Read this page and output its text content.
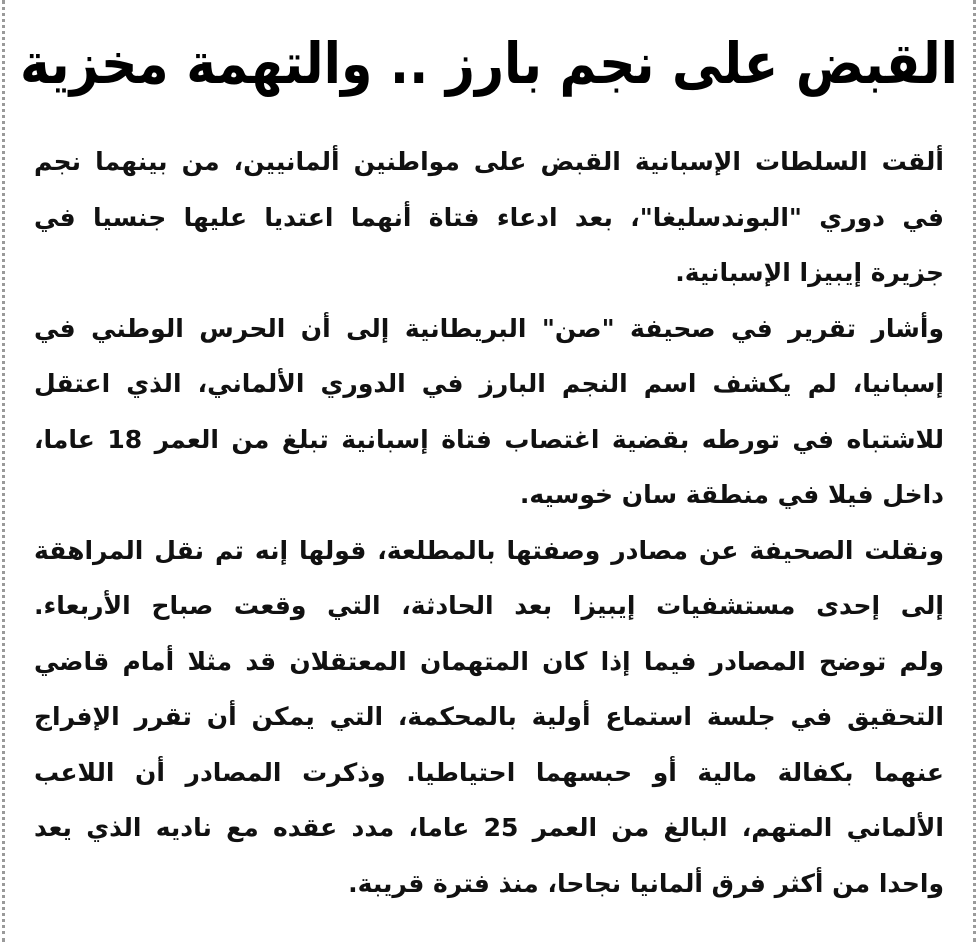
القبض على نجم بارز .. والتهمة مخزية
ألقت السلطات الإسبانية القبض على مواطنين ألمانيين، من بينهما نجم
في دوري "البوندسليغا"، بعد ادعاء فتاة أنهما اعتديا عليها جنسيا في
جزيرة إيبيزا الإسبانية.
وأشار تقرير في صحيفة "صن" البريطانية إلى أن الحرس الوطني في
إسبانيا، لم يكشف اسم النجم البارز في الدوري الألماني، الذي اعتقل
للاشتباه في تورطه بقضية اغتصاب فتاة إسبانية تبلغ من العمر 18 عاما،
داخل فيلا في منطقة سان خوسيه.
ونقلت الصحيفة عن مصادر وصفتها بالمطلعة، قولها إنه تم نقل المراهقة
إلى إحدى مستشفيات إيبيزا بعد الحادثة، التي وقعت صباح الأربعاء.
ولم توضح المصادر فيما إذا كان المتهمان المعتقلان قد مثلا أمام قاضي
التحقيق في جلسة استماع أولية بالمحكمة، التي يمكن أن تقرر الإفراج
عنهما بكفالة مالية أو حبسهما احتياطيا. وذكرت المصادر أن اللاعب
الألماني المتهم، البالغ من العمر 25 عاما، مدد عقده مع ناديه الذي يعد
واحدا من أكثر فرق ألمانيا نجاحا، منذ فترة قريبة.
